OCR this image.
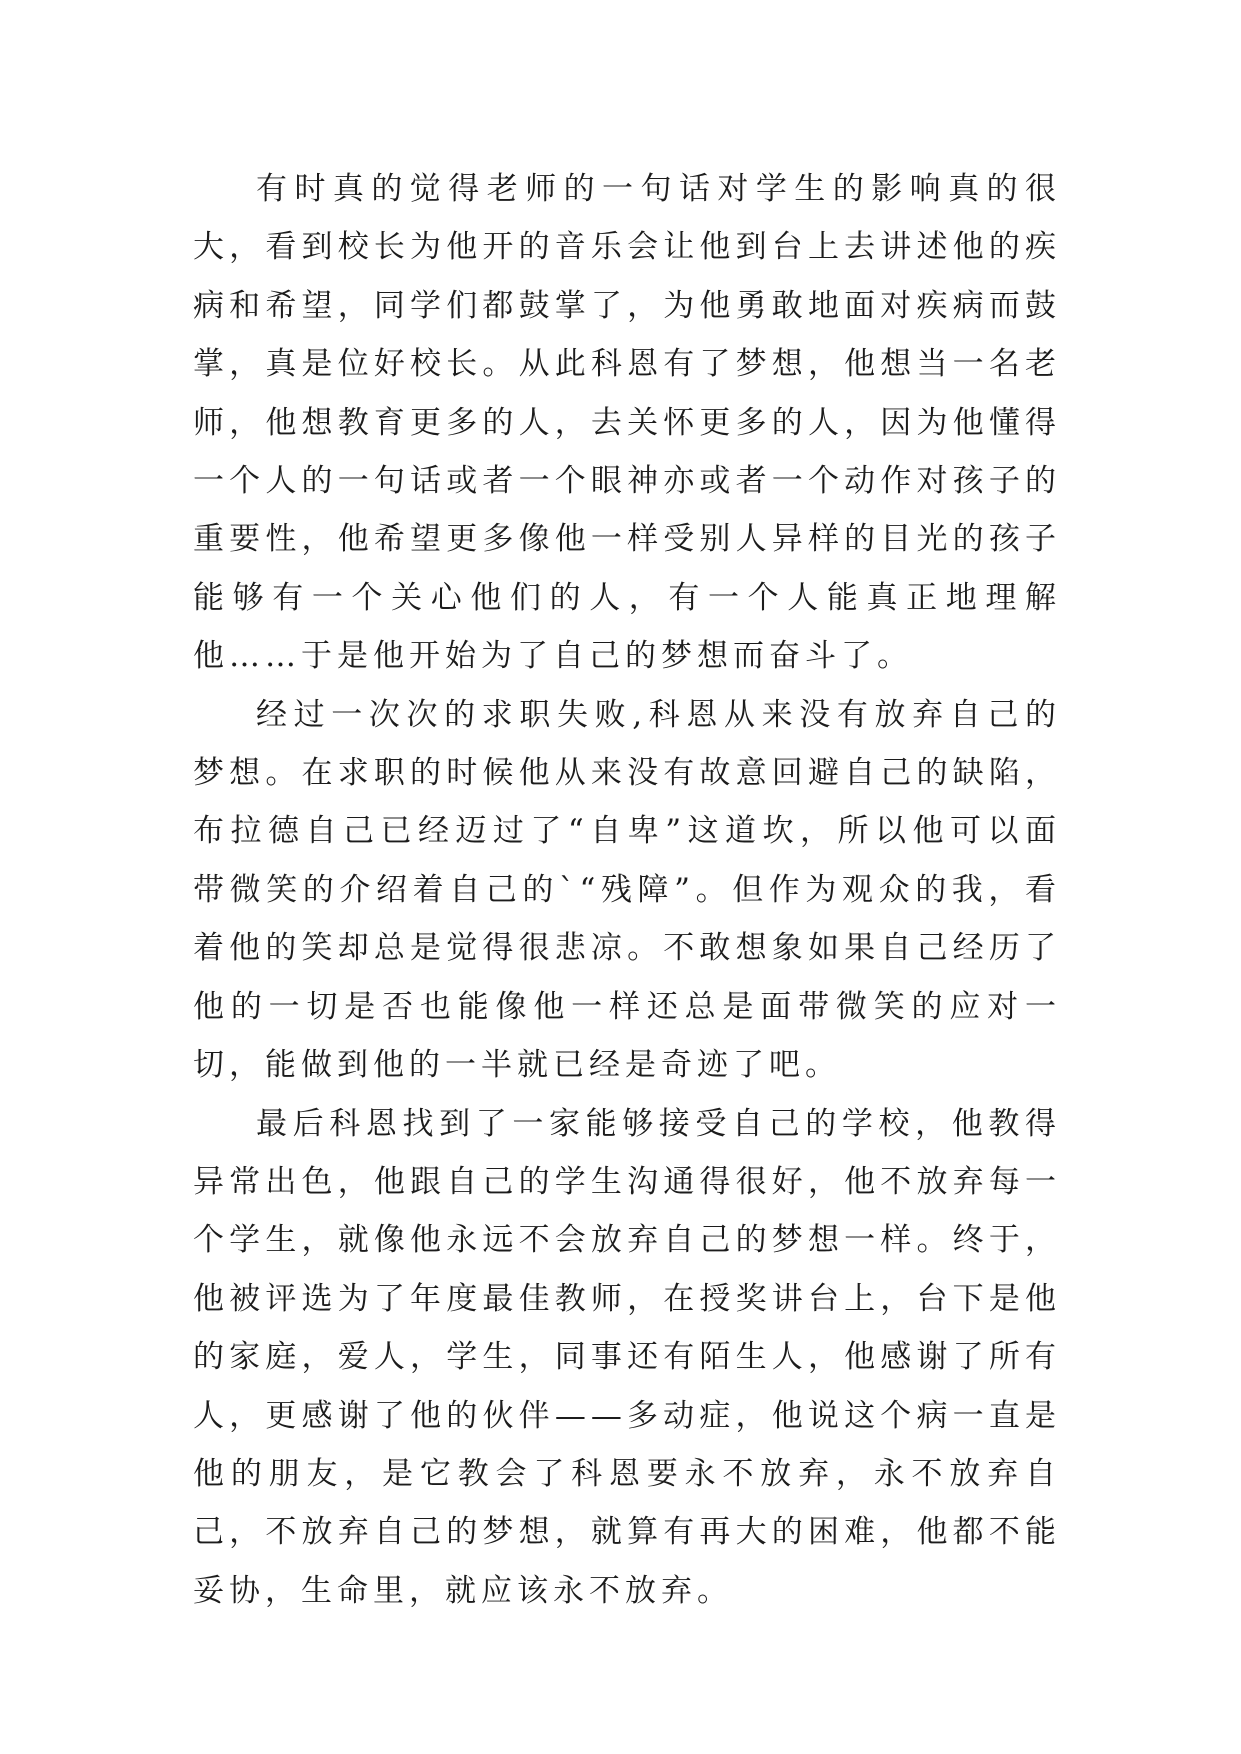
有时真的觉得老师的一句话对学生的影响真的很大，看到校长为他开的音乐会让他到台上去讲述他的疾病和希望，同学们都鼓掌了，为他勇敢地面对疾病而鼓掌，真是位好校长。从此科恩有了梦想，他想当一名老师，他想教育更多的人，去关怀更多的人，因为他懂得一个人的一句话或者一个眼神亦或者一个动作对孩子的重要性，他希望更多像他一样受别人异样的目光的孩子能够有一个关心他们的人，有一个人能真正地理解他……于是他开始为了自己的梦想而奋斗了。

经过一次次的求职失败,科恩从来没有放弃自己的梦想。在求职的时候他从来没有故意回避自己的缺陷，布拉德自己已经迈过了“自卑”这道坎，所以他可以面带微笑的介绍着自己的`“残障”。但作为观众的我，看着他的笑却总是觉得很悲凉。不敢想象如果自己经历了他的一切是否也能像他一样还总是面带微笑的应对一切，能做到他的一半就已经是奇迹了吧。

最后科恩找到了一家能够接受自己的学校，他教得异常出色，他跟自己的学生沟通得很好，他不放弃每一个学生，就像他永远不会放弃自己的梦想一样。终于，他被评选为了年度最佳教师，在授奖讲台上，台下是他的家庭，爱人，学生，同事还有陌生人，他感谢了所有人，更感谢了他的伙伴——多动症，他说这个病一直是他的朋友，是它教会了科恩要永不放弃，永不放弃自己，不放弃自己的梦想，就算有再大的困难，他都不能妥协，生命里，就应该永不放弃。
